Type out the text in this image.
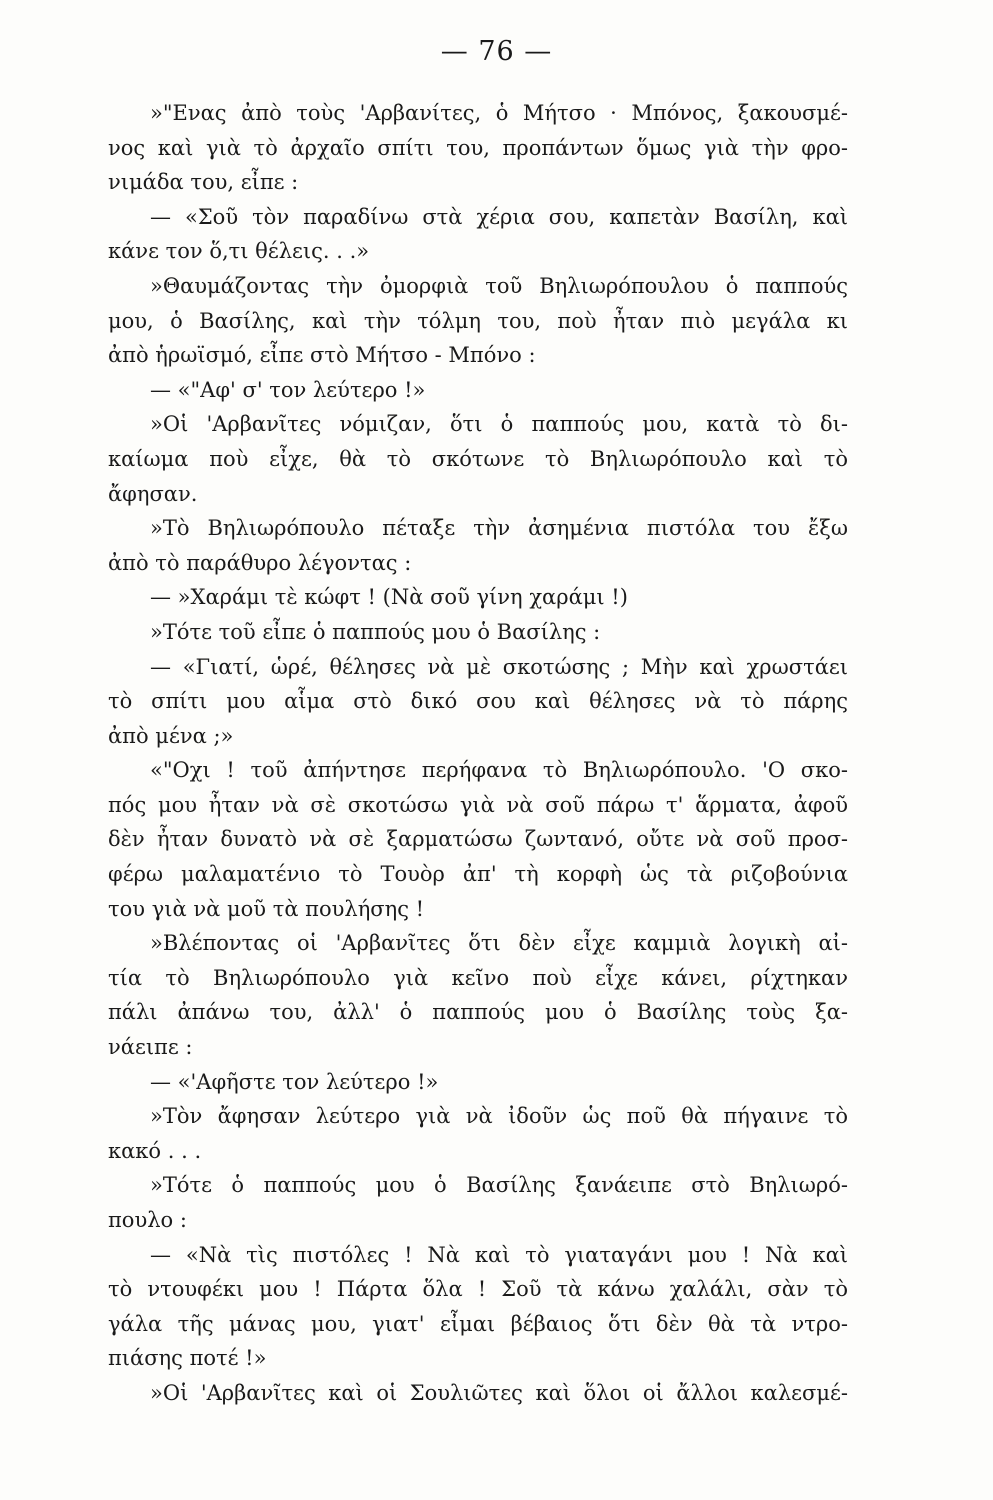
— 76 —
»"Ενας ἀπὸ τοὺς 'Αρβανίτες, ὁ Μήτσο · Μπόνος, ξακουσμέ-
νος καὶ γιὰ τὸ ἀρχαῖο σπίτι του, προπάντων ὅμως γιὰ τὴν φρο-
νιμάδα του, εἶπε :
— «Σοῦ τὸν παραδίνω στὰ χέρια σου, καπετὰν Βασίλη, καὶ
κάνε τον ὅ,τι θέλεις. . .»
»Θαυμάζοντας τὴν ὀμορφιὰ τοῦ Βηλιωρόπουλου ὁ παππούς
μου, ὁ Βασίλης, καὶ τὴν τόλμη του, ποὺ ἦταν πιὸ μεγάλα κι
ἀπὸ ἡρωϊσμό, εἶπε στὸ Μήτσο - Μπόνο :
— «"Αφ' σ' τον λεύτερο !»
»Οἱ 'Αρβανῖτες νόμιζαν, ὅτι ὁ παππούς μου, κατὰ τὸ δι-
καίωμα ποὺ εἶχε, θὰ τὸ σκότωνε τὸ Βηλιωρόπουλο καὶ τὸ
ἄφησαν.
»Τὸ Βηλιωρόπουλο πέταξε τὴν ἀσημένια πιστόλα του ἔξω
ἀπὸ τὸ παράθυρο λέγοντας :
— »Χαράμι τὲ κώφτ ! (Νὰ σοῦ γίνη χαράμι !)
»Τότε τοῦ εἶπε ὁ παππούς μου ὁ Βασίλης :
— «Γιατί, ὡρέ, θέλησες νὰ μὲ σκοτώσης ; Μὴν καὶ χρωστάει
τὸ σπίτι μου αἷμα στὸ δικό σου καὶ θέλησες νὰ τὸ πάρης
ἀπὸ μένα ;»
«"Οχι ! τοῦ ἀπήντησε περήφανα τὸ Βηλιωρόπουλο. 'Ο σκο-
πός μου ἦταν νὰ σὲ σκοτώσω γιὰ νὰ σοῦ πάρω τ' ἅρματα, ἀφοῦ
δὲν ἦταν δυνατὸ νὰ σὲ ξαρματώσω ζωντανό, οὔτε νὰ σοῦ προσ-
φέρω μαλαματένιο τὸ Τουὸρ ἀπ' τὴ κορφὴ ὡς τὰ ριζοβούνια
του γιὰ νὰ μοῦ τὰ πουλήσης !
»Βλέποντας οἱ 'Αρβανῖτες ὅτι δὲν εἶχε καμμιὰ λογικὴ αἰ-
τία τὸ Βηλιωρόπουλο γιὰ κεῖνο ποὺ εἶχε κάνει, ρίχτηκαν
πάλι ἀπάνω του, ἀλλ' ὁ παππούς μου ὁ Βασίλης τοὺς ξα-
νάειπε :
— «'Αφῆστε τον λεύτερο !»
»Τὸν ἄφησαν λεύτερο γιὰ νὰ ἰδοῦν ὡς ποῦ θὰ πήγαινε τὸ
κακό . . .
»Τότε ὁ παππούς μου ὁ Βασίλης ξανάειπε στὸ Βηλιωρό-
πουλο :
— «Νὰ τὶς πιστόλες ! Νὰ καὶ τὸ γιαταγάνι μου ! Νὰ καὶ
τὸ ντουφέκι μου ! Πάρτα ὅλα ! Σοῦ τὰ κάνω χαλάλι, σὰν τὸ
γάλα τῆς μάνας μου, γιατ' εἶμαι βέβαιος ὅτι δὲν θὰ τὰ ντρο-
πιάσης ποτέ !»
»Οἱ 'Αρβανῖτες καὶ οἱ Σουλιῶτες καὶ ὅλοι οἱ ἄλλοι καλεσμέ-
